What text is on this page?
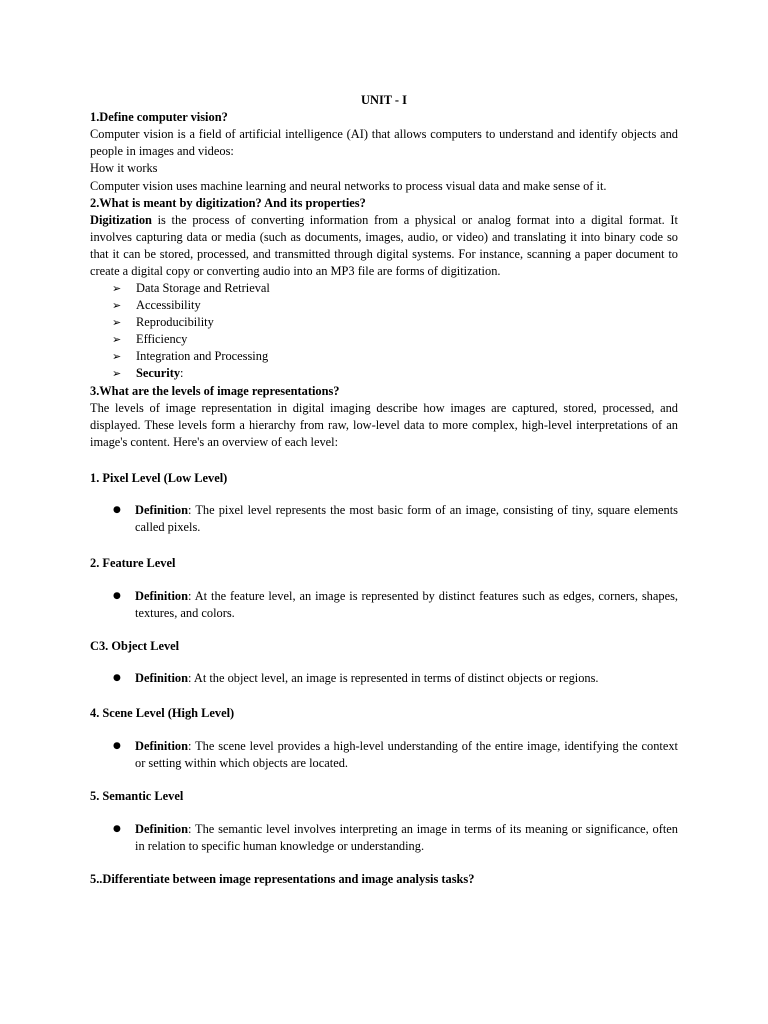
UNIT - I
1.Define computer vision?
Computer vision is a field of artificial intelligence (AI) that allows computers to understand and identify objects and people in images and videos:
How it works
Computer vision uses machine learning and neural networks to process visual data and make sense of it.
2.What is meant by digitization? And its properties?
Digitization is the process of converting information from a physical or analog format into a digital format. It involves capturing data or media (such as documents, images, audio, or video) and translating it into binary code so that it can be stored, processed, and transmitted through digital systems. For instance, scanning a paper document to create a digital copy or converting audio into an MP3 file are forms of digitization.
➢ Data Storage and Retrieval
➢ Accessibility
➢ Reproducibility
➢ Efficiency
➢ Integration and Processing
➢ Security:
3.What are the levels of image representations?
The levels of image representation in digital imaging describe how images are captured, stored, processed, and displayed. These levels form a hierarchy from raw, low-level data to more complex, high-level interpretations of an image's content. Here's an overview of each level:
1. Pixel Level (Low Level)
● Definition: The pixel level represents the most basic form of an image, consisting of tiny, square elements called pixels.
2. Feature Level
● Definition: At the feature level, an image is represented by distinct features such as edges, corners, shapes, textures, and colors.
C3. Object Level
● Definition: At the object level, an image is represented in terms of distinct objects or regions.
4. Scene Level (High Level)
● Definition: The scene level provides a high-level understanding of the entire image, identifying the context or setting within which objects are located.
5. Semantic Level
● Definition: The semantic level involves interpreting an image in terms of its meaning or significance, often in relation to specific human knowledge or understanding.
5..Differentiate between image representations and image analysis tasks?
